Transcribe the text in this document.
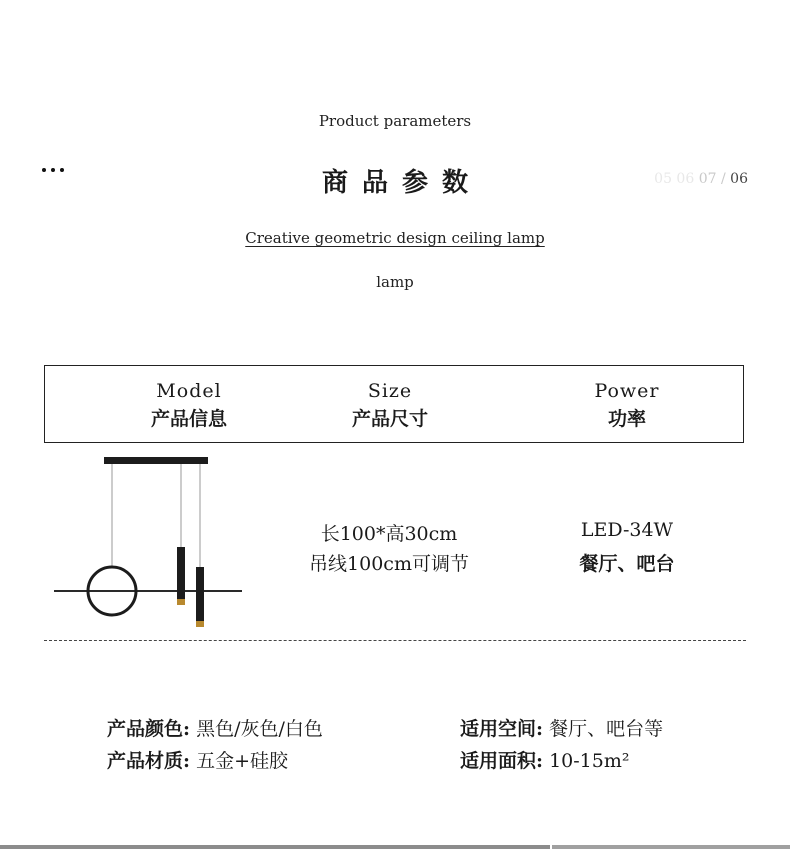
Product parameters
商品参数	05 06 07 / 06
Creative geometric design ceiling lamp
lamp
Model
产品信息
Size
产品尺寸
Power
功率
长100*高30cm
吊线100cm可调节
LED-34W
餐厅、吧台
产品颜色: 黑色/灰色/白色
产品材质: 五金+硅胶
适用空间: 餐厅、吧台等
适用面积: 10-15m²
